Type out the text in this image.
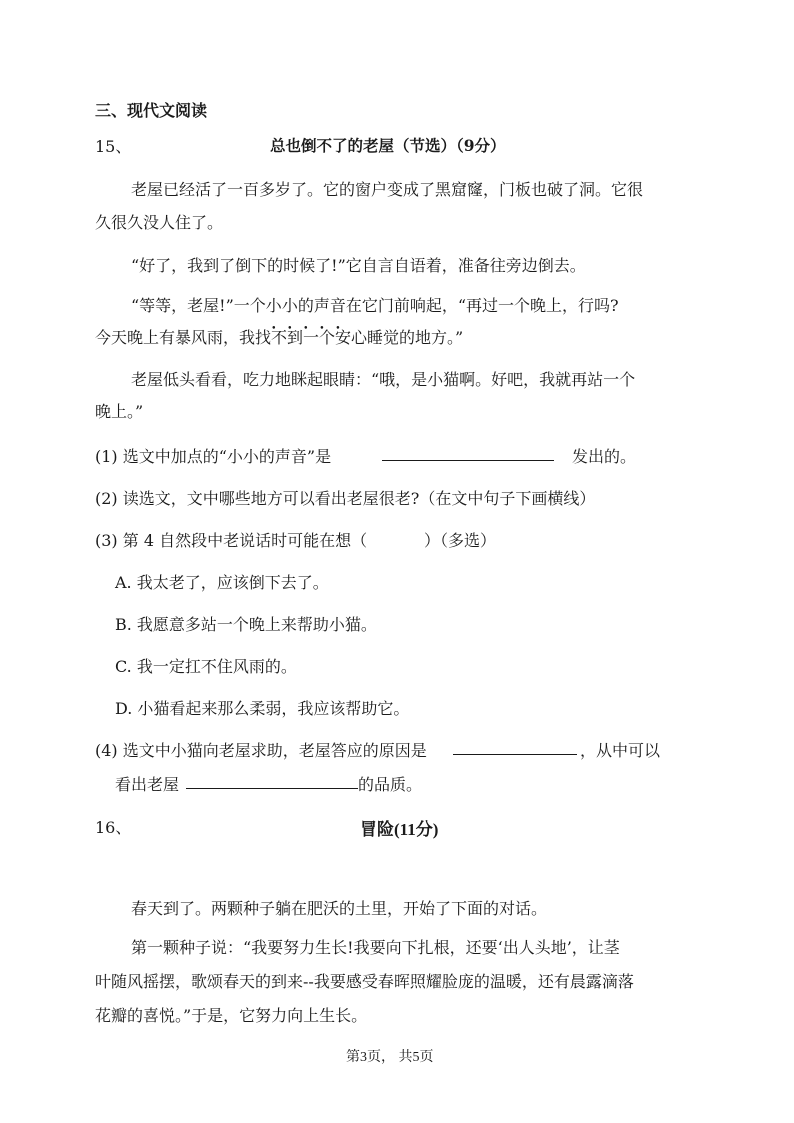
三、现代文阅读
15、	总也倒不了的老屋（节选）（9分）
老屋已经活了一百多岁了。它的窗户变成了黑窟窿，门板也破了洞。它很
久很久没人住了。
“好了，我到了倒下的时候了!”它自言自语着，准备往旁边倒去。
“等等，老屋!”一个小小的声音在它门前响起，“再过一个晚上，行吗?
今天晚上有暴风雨，我找不到一个安心睡觉的地方。”
老屋低头看看，吃力地眯起眼睛：“哦，是小猫啊。好吧，我就再站一个
晚上。”
(1) 选文中加点的“小小的声音”是	发出的。
(2) 读选文，文中哪些地方可以看出老屋很老?（在文中句子下画横线）
(3) 第 4 自然段中老说话时可能在想（	）（多选）
A. 我太老了，应该倒下去了。
B. 我愿意多站一个晚上来帮助小猫。
C. 我一定扛不住风雨的。
D. 小猫看起来那么柔弱，我应该帮助它。
(4) 选文中小猫向老屋求助，老屋答应的原因是	，从中可以
看出老屋	的品质。
16、	冒险(11分)
春天到了。两颗种子躺在肥沃的土里，开始了下面的对话。
第一颗种子说：“我要努力生长!我要向下扎根，还要‘出人头地’，让茎
叶随风摇摆，歌颂春天的到来--我要感受春晖照耀脸庞的温暖，还有晨露滴落
花瓣的喜悦。”于是，它努力向上生长。
第3页， 共5页
